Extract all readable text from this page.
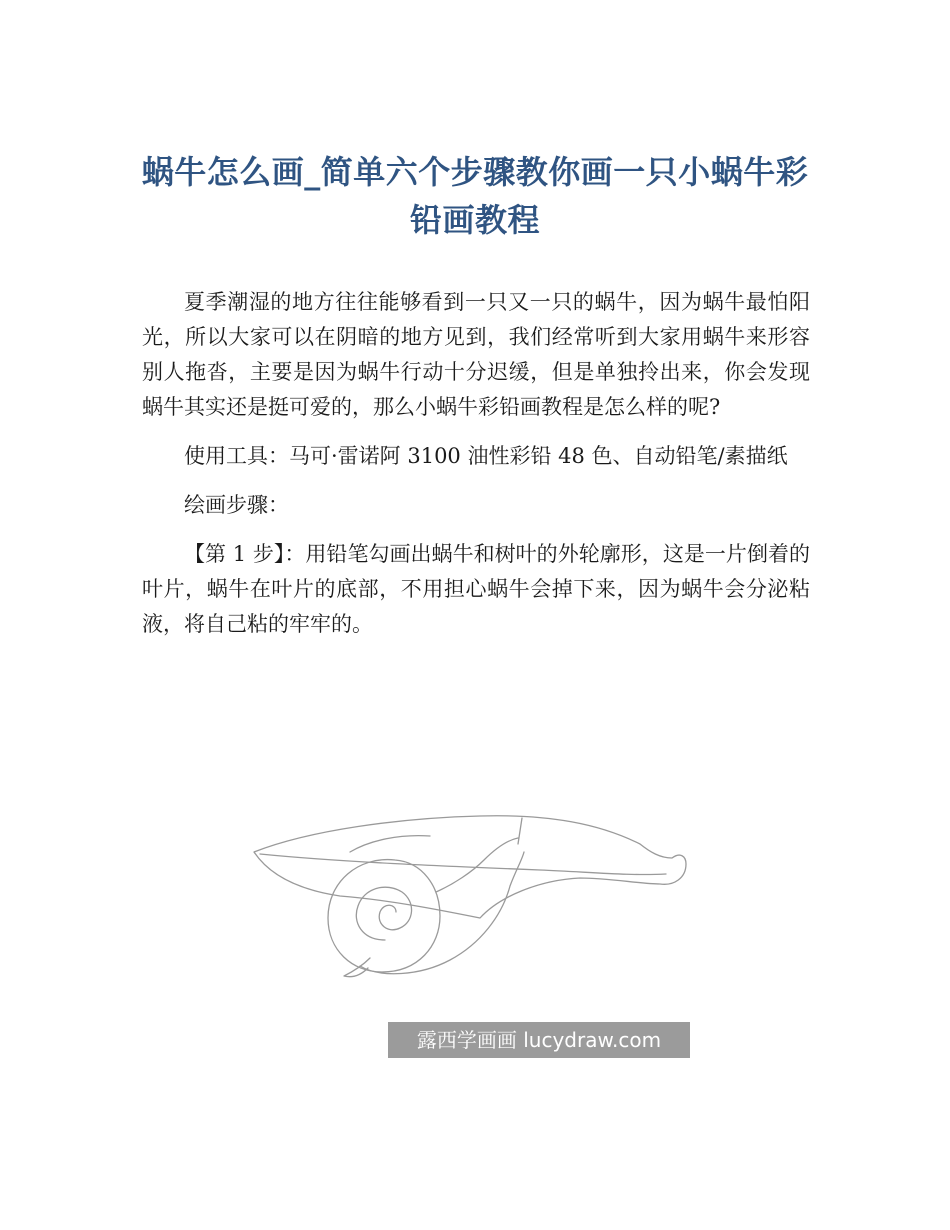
蜗牛怎么画_简单六个步骤教你画一只小蜗牛彩铅画教程

夏季潮湿的地方往往能够看到一只又一只的蜗牛，因为蜗牛最怕阳光，所以大家可以在阴暗的地方见到，我们经常听到大家用蜗牛来形容别人拖沓，主要是因为蜗牛行动十分迟缓，但是单独拎出来，你会发现蜗牛其实还是挺可爱的，那么小蜗牛彩铅画教程是怎么样的呢?

使用工具：马可·雷诺阿 3100 油性彩铅 48 色、自动铅笔/素描纸

绘画步骤：

【第 1 步】：用铅笔勾画出蜗牛和树叶的外轮廓形，这是一片倒着的叶片，蜗牛在叶片的底部，不用担心蜗牛会掉下来，因为蜗牛会分泌粘液，将自己粘的牢牢的。

露西学画画 lucydraw.com
